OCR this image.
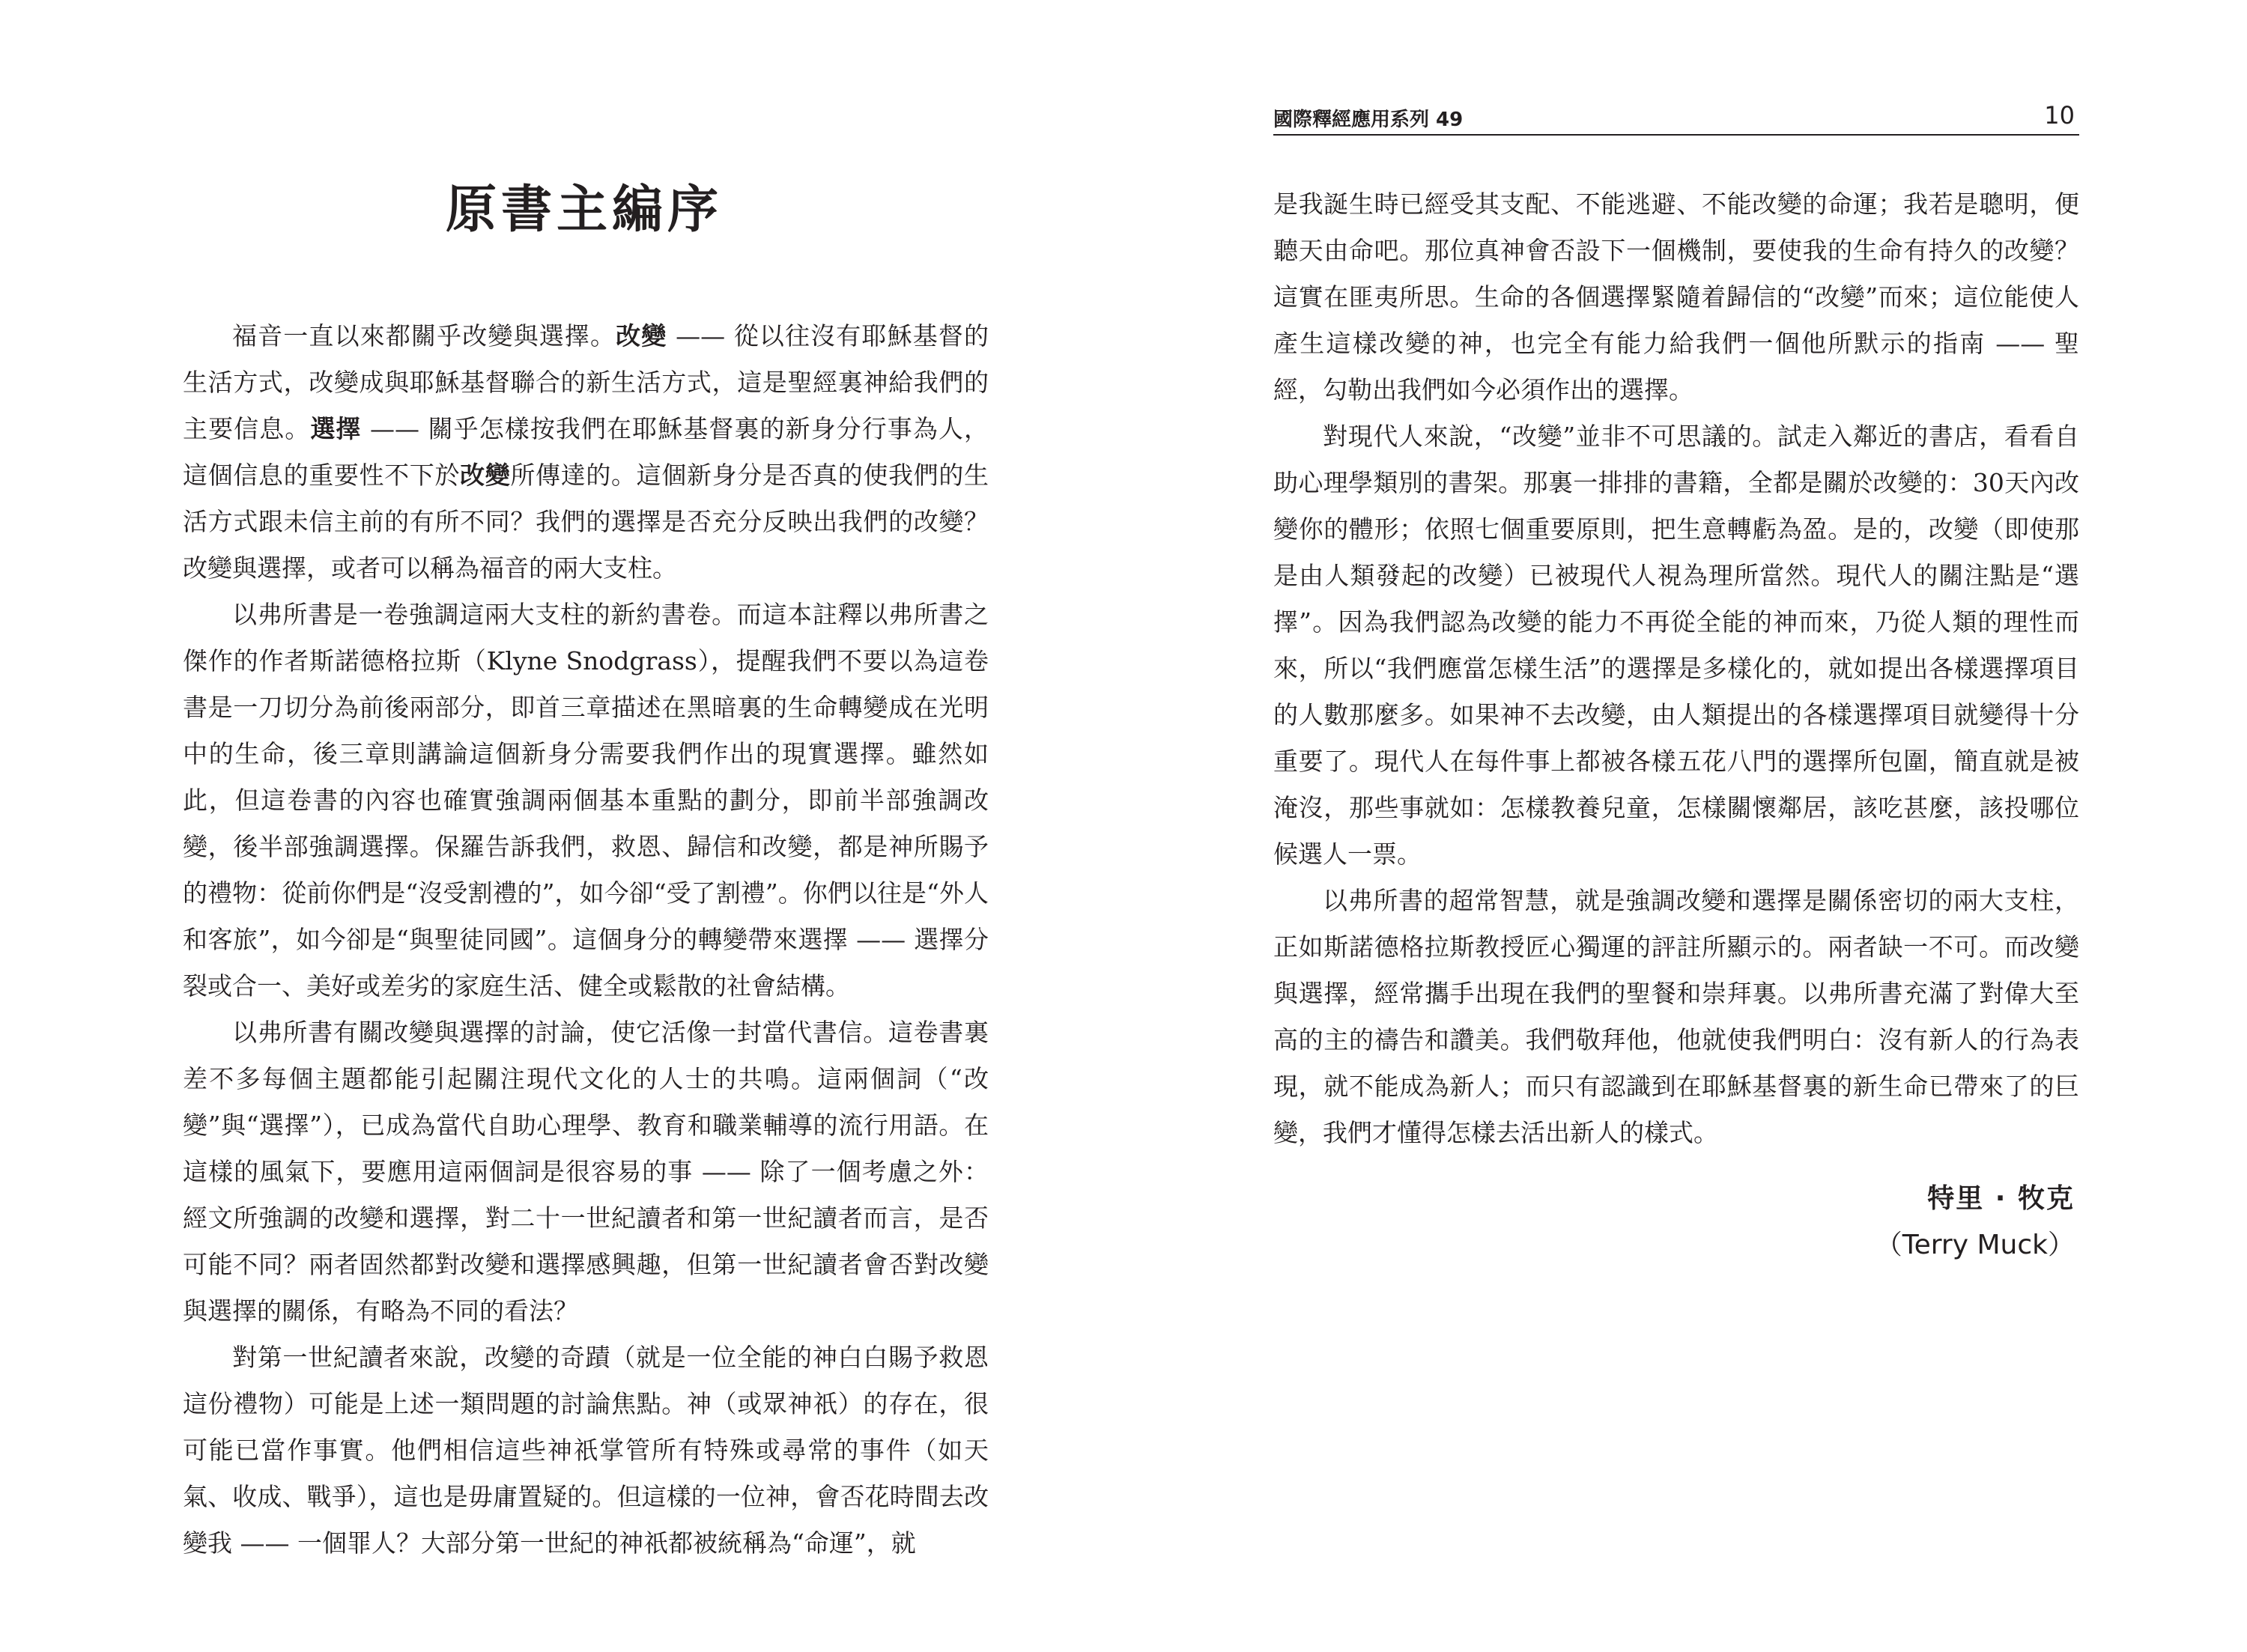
原書主編序

福音一直以來都關乎改變與選擇。改變 —— 從以往沒有耶穌基督的生活方式，改變成與耶穌基督聯合的新生活方式，這是聖經裏神給我們的主要信息。選擇 —— 關乎怎樣按我們在耶穌基督裏的新身分行事為人，這個信息的重要性不下於改變所傳達的。這個新身分是否真的使我們的生活方式跟未信主前的有所不同？我們的選擇是否充分反映出我們的改變？改變與選擇，或者可以稱為福音的兩大支柱。

以弗所書是一卷強調這兩大支柱的新約書卷。而這本註釋以弗所書之傑作的作者斯諾德格拉斯（Klyne Snodgrass），提醒我們不要以為這卷書是一刀切分為前後兩部分，即首三章描述在黑暗裏的生命轉變成在光明中的生命，後三章則講論這個新身分需要我們作出的現實選擇。雖然如此，但這卷書的內容也確實強調兩個基本重點的劃分，即前半部強調改變，後半部強調選擇。保羅告訴我們，救恩、歸信和改變，都是神所賜予的禮物：從前你們是“沒受割禮的”，如今卻“受了割禮”。你們以往是“外人和客旅”，如今卻是“與聖徒同國”。這個身分的轉變帶來選擇 —— 選擇分裂或合一、美好或差劣的家庭生活、健全或鬆散的社會結構。

以弗所書有關改變與選擇的討論，使它活像一封當代書信。這卷書裏差不多每個主題都能引起關注現代文化的人士的共鳴。這兩個詞（“改變”與“選擇”），已成為當代自助心理學、教育和職業輔導的流行用語。在這樣的風氣下，要應用這兩個詞是很容易的事 —— 除了一個考慮之外：經文所強調的改變和選擇，對二十一世紀讀者和第一世紀讀者而言，是否可能不同？兩者固然都對改變和選擇感興趣，但第一世紀讀者會否對改變與選擇的關係，有略為不同的看法？

對第一世紀讀者來說，改變的奇蹟（就是一位全能的神白白賜予救恩這份禮物）可能是上述一類問題的討論焦點。神（或眾神祇）的存在，很可能已當作事實。他們相信這些神祇掌管所有特殊或尋常的事件（如天氣、收成、戰爭），這也是毋庸置疑的。但這樣的一位神，會否花時間去改變我 —— 一個罪人？大部分第一世紀的神祇都被統稱為“命運”，就

國際釋經應用系列 49	10

是我誕生時已經受其支配、不能逃避、不能改變的命運；我若是聰明，便聽天由命吧。那位真神會否設下一個機制，要使我的生命有持久的改變？這實在匪夷所思。生命的各個選擇緊隨着歸信的“改變”而來；這位能使人產生這樣改變的神，也完全有能力給我們一個他所默示的指南 —— 聖經，勾勒出我們如今必須作出的選擇。

對現代人來說，“改變”並非不可思議的。試走入鄰近的書店，看看自助心理學類別的書架。那裏一排排的書籍，全都是關於改變的：30天內改變你的體形；依照七個重要原則，把生意轉虧為盈。是的，改變（即使那是由人類發起的改變）已被現代人視為理所當然。現代人的關注點是“選擇”。因為我們認為改變的能力不再從全能的神而來，乃從人類的理性而來，所以“我們應當怎樣生活”的選擇是多樣化的，就如提出各樣選擇項目的人數那麼多。如果神不去改變，由人類提出的各樣選擇項目就變得十分重要了。現代人在每件事上都被各樣五花八門的選擇所包圍，簡直就是被淹沒，那些事就如：怎樣教養兒童，怎樣關懷鄰居，該吃甚麼，該投哪位候選人一票。

以弗所書的超常智慧，就是強調改變和選擇是關係密切的兩大支柱，正如斯諾德格拉斯教授匠心獨運的評註所顯示的。兩者缺一不可。而改變與選擇，經常攜手出現在我們的聖餐和崇拜裏。以弗所書充滿了對偉大至高的主的禱告和讚美。我們敬拜他，他就使我們明白：沒有新人的行為表現，就不能成為新人；而只有認識到在耶穌基督裏的新生命已帶來了的巨變，我們才懂得怎樣去活出新人的樣式。

特里 · 牧克
（Terry Muck）
